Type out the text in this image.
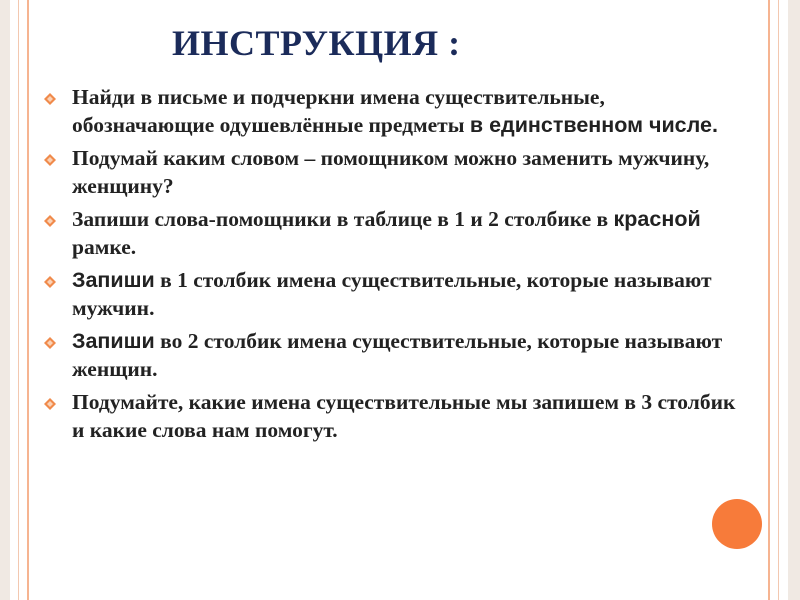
ИНСТРУКЦИЯ :
Найди в письме и подчеркни имена существительные, обозначающие одушевлённые предметы в единственном числе.
Подумай каким словом – помощником можно заменить мужчину, женщину?
Запиши слова-помощники в таблице в 1 и 2 столбике в красной рамке.
Запиши в 1 столбик имена существительные, которые называют мужчин.
Запиши во 2 столбик имена существительные, которые называют женщин.
Подумайте, какие имена существительные мы запишем в 3 столбик и какие слова нам помогут.
